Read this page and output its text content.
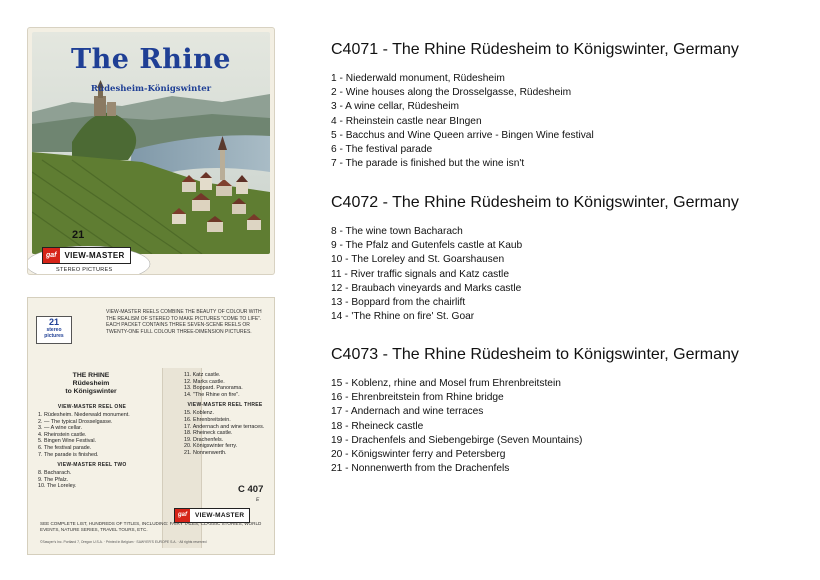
The Rhine
Rüdesheim-Königswinter
gaf	VIEW-MASTER
STEREO PICTURES
21
21
stereo
pictures
VIEW-MASTER REELS COMBINE THE BEAUTY OF COLOUR WITH THE REALISM OF STEREO TO MAKE PICTURES "COME TO LIFE". EACH PACKET CONTAINS THREE SEVEN-SCENE REELS OR TWENTY-ONE FULL COLOUR THREE-DIMENSION PICTURES.
THE RHINE
Rüdesheim
to Königswinter
VIEW-MASTER REEL ONE
1. Rüdesheim. Niederwald monument.
2. — The typical Drosselgasse.
3. — A wine cellar.
4. Rheinstein castle.
5. Bingen Wine Festival.
6. The festival parade.
7. The parade is finished.
VIEW-MASTER REEL TWO
8. Bacharach.
9. The Pfalz.
10. The Loreley.
11. Katz castle.
12. Marks castle.
13. Boppard. Panorama.
14. "The Rhine on fire".
VIEW-MASTER REEL THREE
15. Koblenz.
16. Ehrenbreitstein.
17. Andernach and wine terraces.
18. Rheineck castle.
19. Drachenfels.
20. Königswinter ferry.
21. Nonnenwerth.
C 407
E
gaf	VIEW-MASTER
SEE COMPLETE LIST, HUNDREDS OF TITLES, INCLUDING: FAIRY TALES, CLASSIC STORIES, WORLD EVENTS, NATURE SERIES, TRAVEL TOURS, ETC.
©Sawyer's Inc. Portland 7, Oregon U.S.A. · Printed in Belgium · SAWYER'S EUROPE S.A. · All rights reserved
C4071 - The Rhine Rüdesheim to Königswinter, Germany
1 - Niederwald monument, Rüdesheim
2 - Wine houses along the Drosselgasse, Rüdesheim
3 - A wine cellar, Rüdesheim
4 - Rheinstein castle near BIngen
5 - Bacchus and Wine Queen arrive - Bingen Wine festival
6 - The festival parade
7 - The parade is finished but the wine isn't
C4072 - The Rhine Rüdesheim to Königswinter, Germany
8 - The wine town Bacharach
9 - The Pfalz and Gutenfels castle at Kaub
10 - The Loreley and St. Goarshausen
11 - River traffic signals and Katz castle
12 - Braubach vineyards and Marks castle
13 - Boppard from the chairlift
14 - 'The Rhine on fire' St. Goar
C4073 - The Rhine Rüdesheim to Königswinter, Germany
15 - Koblenz, rhine and Mosel frum Ehrenbreitstein
16 - Ehrenbreitstein from Rhine bridge
17 - Andernach and wine terraces
18 - Rheineck castle
19 - Drachenfels and Siebengebirge (Seven Mountains)
20 - Königswinter ferry and Petersberg
21 - Nonnenwerth from the Drachenfels
